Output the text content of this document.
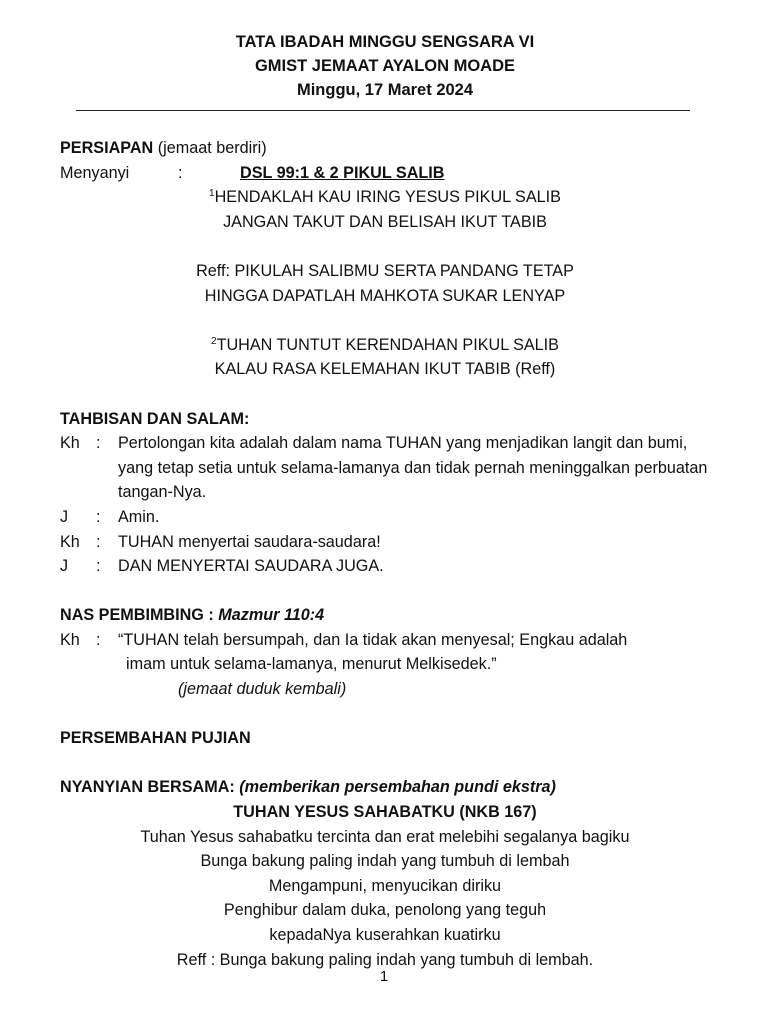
TATA IBADAH MINGGU SENGSARA VI
GMIST JEMAAT AYALON MOADE
Minggu, 17 Maret 2024
PERSIAPAN (jemaat berdiri)
Menyanyi	:	DSL 99:1 & 2 PIKUL SALIB
$^1$HENDAKLAH KAU IRING YESUS PIKUL SALIB
JANGAN TAKUT DAN BELISAH IKUT TABIB
Reff: PIKULAH SALIBMU SERTA PANDANG TETAP
HINGGA DAPATLAH MAHKOTA SUKAR LENYAP
$^2$TUHAN TUNTUT KERENDAHAN PIKUL SALIB
KALAU RASA KELEMAHAN IKUT TABIB (Reff)
TAHBISAN DAN SALAM:
Kh :	Pertolongan kita adalah dalam nama TUHAN yang menjadikan langit dan bumi, yang tetap setia untuk selama-lamanya dan tidak pernah meninggalkan perbuatan tangan-Nya.
J	:	Amin.
Kh :	TUHAN menyertai saudara-saudara!
J	:	DAN MENYERTAI SAUDARA JUGA.
NAS PEMBIMBING : Mazmur 110:4
Kh :	“TUHAN telah bersumpah, dan Ia tidak akan menyesal; Engkau adalah
imam untuk selama-lamanya, menurut Melkisedek.”
(jemaat duduk kembali)
PERSEMBAHAN PUJIAN
NYANYIAN BERSAMA: (memberikan persembahan pundi ekstra)
TUHAN YESUS SAHABATKU (NKB 167)
Tuhan Yesus sahabatku tercinta dan erat melebihi segalanya bagiku
Bunga bakung paling indah yang tumbuh di lembah
Mengampuni, menyucikan diriku
Penghibur dalam duka, penolong yang teguh
kepadaNya kuserahkan kuatirku
Reff : Bunga bakung paling indah yang tumbuh di lembah.
1
